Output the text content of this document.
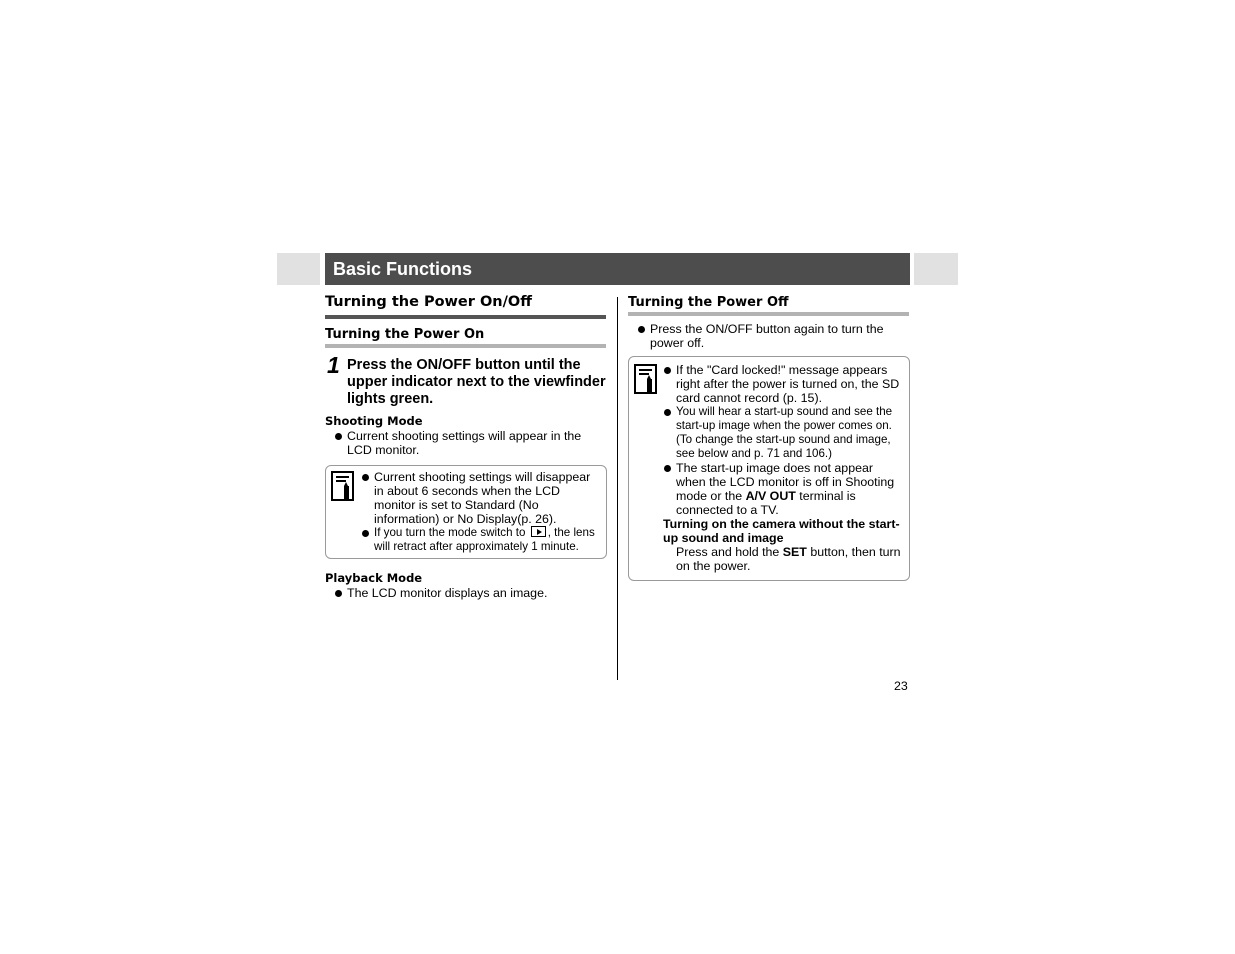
Basic Functions
Turning the Power On/Off
Turning the Power On
1 Press the ON/OFF button until the upper indicator next to the viewfinder lights green.
Shooting Mode
Current shooting settings will appear in the LCD monitor.
Current shooting settings will disappear in about 6 seconds when the LCD monitor is set to Standard (No information) or No Display(p. 26).
If you turn the mode switch to , the lens will retract after approximately 1 minute.
Playback Mode
The LCD monitor displays an image.
Turning the Power Off
Press the ON/OFF button again to turn the power off.
If the "Card locked!" message appears right after the power is turned on, the SD card cannot record (p. 15).
You will hear a start-up sound and see the start-up image when the power comes on. (To change the start-up sound and image, see below and p. 71 and 106.)
The start-up image does not appear when the LCD monitor is off in Shooting mode or the A/V OUT terminal is connected to a TV.
Turning on the camera without the start-up sound and image
Press and hold the SET button, then turn on the power.
23
